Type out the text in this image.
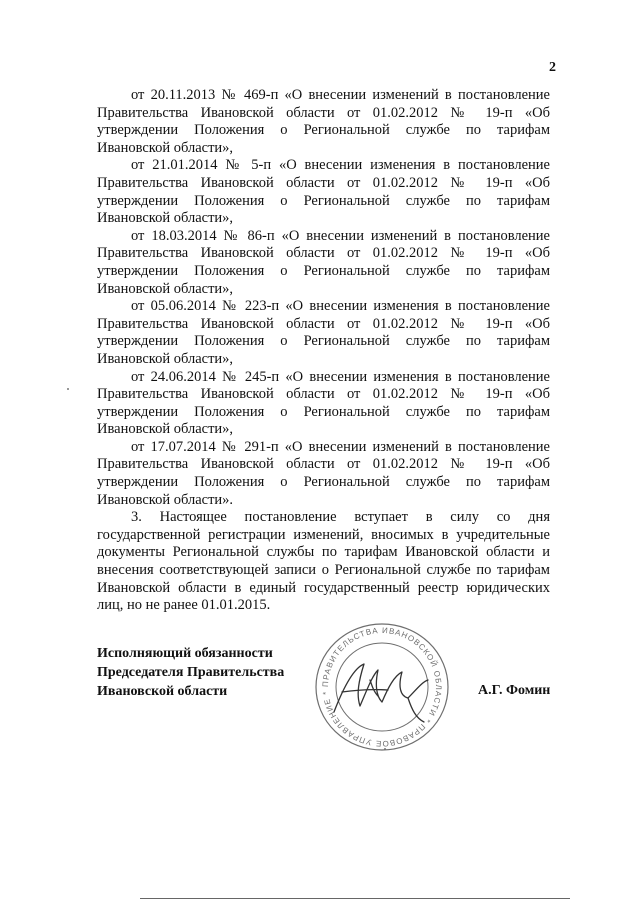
2

от 20.11.2013 № 469-п «О внесении изменений в постановление Правительства Ивановской области от 01.02.2012 № 19-п «Об утверждении Положения о Региональной службе по тарифам Ивановской области»,

от 21.01.2014 № 5-п «О внесении изменения в постановление Правительства Ивановской области от 01.02.2012 № 19-п «Об утверждении Положения о Региональной службе по тарифам Ивановской области»,

от 18.03.2014 № 86-п «О внесении изменений в постановление Правительства Ивановской области от 01.02.2012 № 19-п «Об утверждении Положения о Региональной службе по тарифам Ивановской области»,

от 05.06.2014 № 223-п «О внесении изменения в постановление Правительства Ивановской области от 01.02.2012 № 19-п «Об утверждении Положения о Региональной службе по тарифам Ивановской области»,

от 24.06.2014 № 245-п «О внесении изменения в постановление Правительства Ивановской области от 01.02.2012 № 19-п «Об утверждении Положения о Региональной службе по тарифам Ивановской области»,

от 17.07.2014 № 291-п «О внесении изменений в постановление Правительства Ивановской области от 01.02.2012 № 19-п «Об утверждении Положения о Региональной службе по тарифам Ивановской области».

3. Настоящее постановление вступает в силу со дня государственной регистрации изменений, вносимых в учредительные документы Региональной службы по тарифам Ивановской области и внесения соответствующей записи о Региональной службе по тарифам Ивановской области в единый государственный реестр юридических лиц, но не ранее 01.01.2015.

Исполняющий обязанности
Председателя Правительства
Ивановской области
ПРАВИТЕЛЬСТВА ИВАНОВСКОЙ ОБЛАСТИ * ПРАВОВОЕ УПРАВЛЕНИЕ *	А.Г. Фомин
